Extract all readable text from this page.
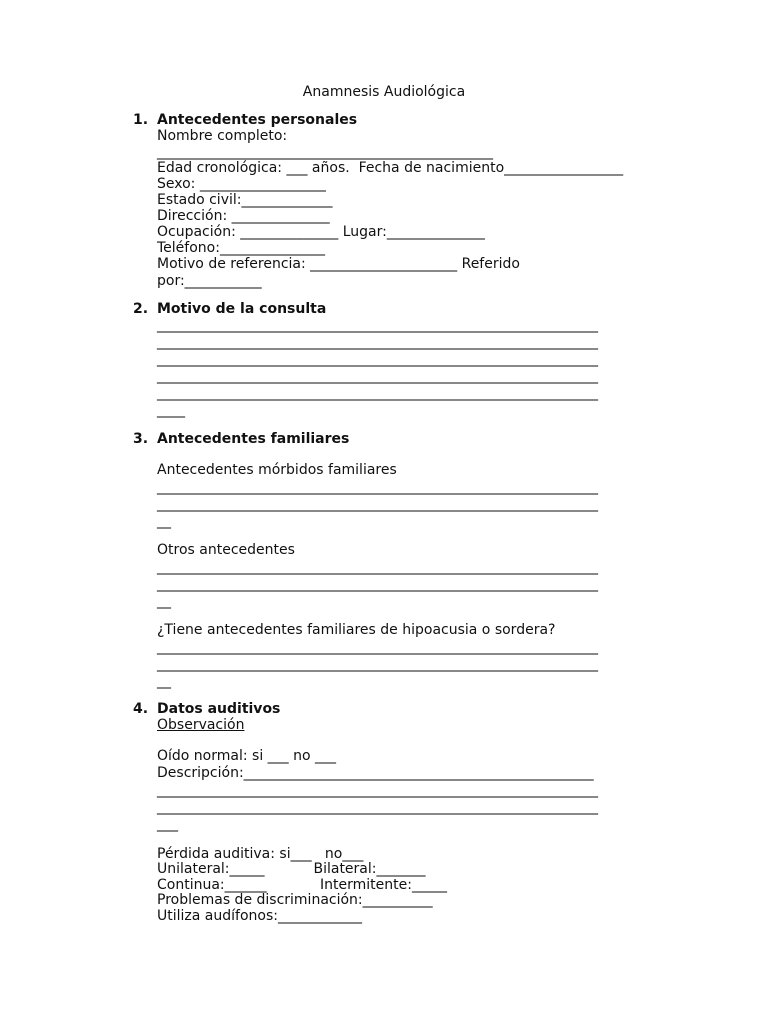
Anamnesis Audiológica
1. Antecedentes personales
Nombre completo:
________________________________________________
Edad cronológica: ___ años.  Fecha de nacimiento_________________
Sexo: __________________
Estado civil:_____________
Dirección: ______________
Ocupación: ______________ Lugar:______________
Teléfono:_______________
Motivo de referencia: _____________________ Referido
por:___________
2. Motivo de la consulta
_______________________________________________________________
_______________________________________________________________
_______________________________________________________________
_______________________________________________________________
_______________________________________________________________
____
3. Antecedentes familiares
Antecedentes mórbidos familiares
_______________________________________________________________
_______________________________________________________________
__
Otros antecedentes
_______________________________________________________________
_______________________________________________________________
__
¿Tiene antecedentes familiares de hipoacusia o sordera?
_______________________________________________________________
_______________________________________________________________
__
4. Datos auditivos
Observación
Oído normal: si ___ no ___
Descripción:__________________________________________________
_______________________________________________________________
_______________________________________________________________
___
Pérdida auditiva: si___   no___
Unilateral:_____           Bilateral:_______
Continua:______            Intermitente:_____
Problemas de discriminación:__________
Utiliza audífonos:____________
